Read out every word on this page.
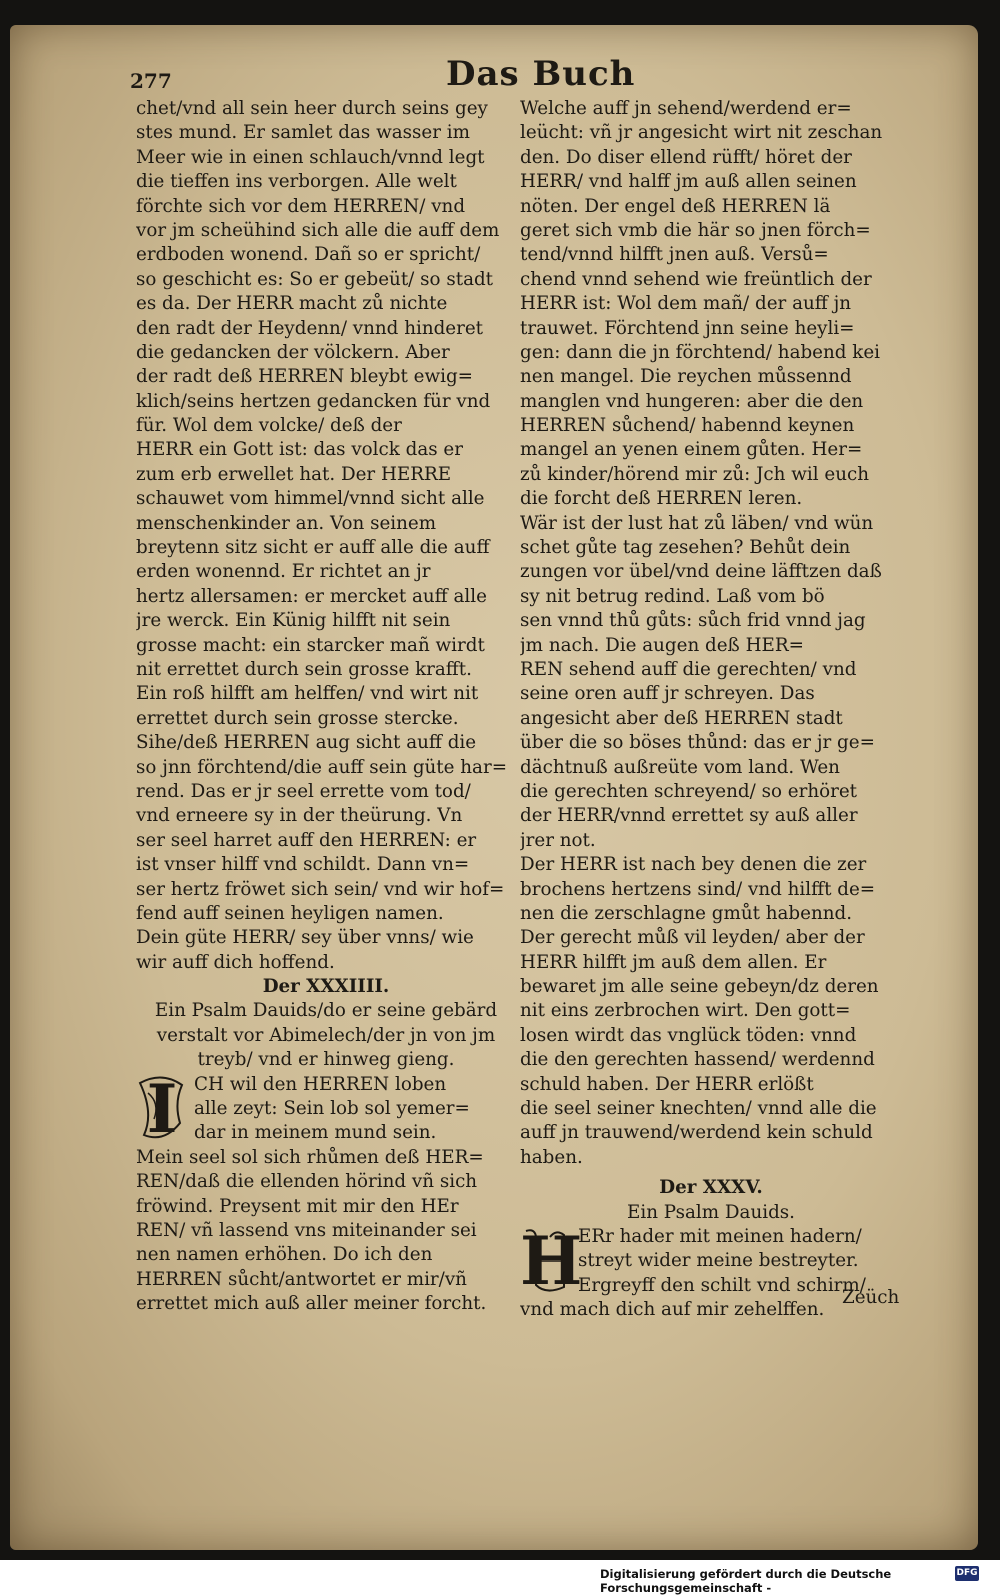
277	Das Buch
chet/vnd all sein heer durch seins gey
stes mund. Er samlet das wasser im
Meer wie in einen schlauch/vnnd legt
die tieffen ins verborgen. Alle welt
förchte sich vor dem HERREN/ vnd
vor jm scheühind sich alle die auff dem
erdboden wonend. Dañ so er spricht/
so geschicht es: So er gebeüt/ so stadt
es da. Der HERR macht zů nichte
den radt der Heydenn/ vnnd hinderet
die gedancken der völckern. Aber
der radt deß HERREN bleybt ewig=
klich/seins hertzen gedancken für vnd
für. Wol dem volcke/ deß der
HERR ein Gott ist: das volck das er
zum erb erwellet hat. Der HERRE
schauwet vom himmel/vnnd sicht alle
menschenkinder an. Von seinem
breytenn sitz sicht er auff alle die auff
erden wonennd. Er richtet an jr
hertz allersamen: er mercket auff alle
jre werck. Ein Künig hilfft nit sein
grosse macht: ein starcker mañ wirdt
nit errettet durch sein grosse krafft.
Ein roß hilfft am helffen/ vnd wirt nit
errettet durch sein grosse stercke.
Sihe/deß HERREN aug sicht auff die
so jnn förchtend/die auff sein güte har=
rend. Das er jr seel errette vom tod/
vnd erneere sy in der theürung. Vn
ser seel harret auff den HERREN: er
ist vnser hilff vnd schildt. Dann vn=
ser hertz fröwet sich sein/ vnd wir hof=
fend auff seinen heyligen namen.
Dein güte HERR/ sey über vnns/ wie
wir auff dich hoffend.
Der XXXIIII.
Ein Psalm Dauids/do er seine gebärd
verstalt vor Abimelech/der jn von jm
treyb/ vnd er hinweg gieng.
I CH wil den HERREN loben
alle zeyt: Sein lob sol yemer=
dar in meinem mund sein.
Mein seel sol sich rhůmen deß HER=
REN/daß die ellenden hörind vñ sich
fröwind. Preysent mit mir den HEr
REN/ vñ lassend vns miteinander sei
nen namen erhöhen. Do ich den
HERREN sůcht/antwortet er mir/vñ
errettet mich auß aller meiner forcht.
Welche auff jn sehend/werdend er=
leücht: vñ jr angesicht wirt nit zeschan
den. Do diser ellend rüfft/ höret der
HERR/ vnd halff jm auß allen seinen
nöten. Der engel deß HERREN lä
geret sich vmb die här so jnen förch=
tend/vnnd hilfft jnen auß. Versů=
chend vnnd sehend wie freüntlich der
HERR ist: Wol dem mañ/ der auff jn
trauwet. Förchtend jnn seine heyli=
gen: dann die jn förchtend/ habend kei
nen mangel. Die reychen můssennd
manglen vnd hungeren: aber die den
HERREN sůchend/ habennd keynen
mangel an yenen einem gůten. Her=
zů kinder/hörend mir zů: Jch wil euch
die forcht deß HERREN leren.
Wär ist der lust hat zů läben/ vnd wün
schet gůte tag zesehen? Behůt dein
zungen vor übel/vnd deine läfftzen daß
sy nit betrug redind. Laß vom bö
sen vnnd thů gůts: sůch frid vnnd jag
jm nach. Die augen deß HER=
REN sehend auff die gerechten/ vnd
seine oren auff jr schreyen. Das
angesicht aber deß HERREN stadt
über die so böses thůnd: das er jr ge=
dächtnuß außreüte vom land. Wen
die gerechten schreyend/ so erhöret
der HERR/vnnd errettet sy auß aller
jrer not.
Der HERR ist nach bey denen die zer
brochens hertzens sind/ vnd hilfft de=
nen die zerschlagne gmůt habennd.
Der gerecht můß vil leyden/ aber der
HERR hilfft jm auß dem allen. Er
bewaret jm alle seine gebeyn/dz deren
nit eins zerbrochen wirt. Den gott=
losen wirdt das vnglück töden: vnnd
die den gerechten hassend/ werdennd
schuld haben. Der HERR erlößt
die seel seiner knechten/ vnnd alle die
auff jn trauwend/werdend kein schuld
haben.
Der XXXV.
Ein Psalm Dauids.
H
ERr hader mit meinen hadern/
streyt wider meine bestreyter.
Ergreyff den schilt vnd schirm/
vnd mach dich auf mir zehelffen.
Zeüch
Digitalisierung gefördert durch die Deutsche Forschungsgemeinschaft -
DFG
